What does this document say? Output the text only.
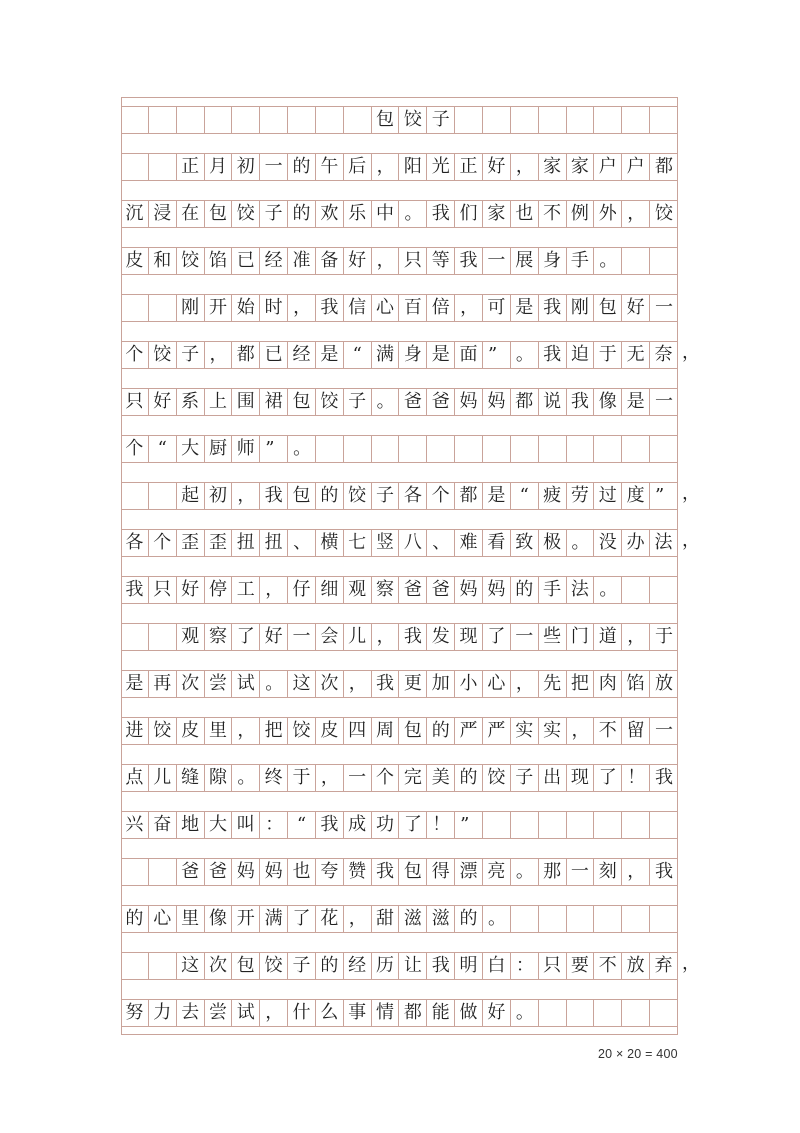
包 饺 子
正 月 初 一 的 午 后 ， 阳 光 正 好 ， 家 家 户 户 都
沉 浸 在 包 饺 子 的 欢 乐 中 。 我 们 家 也 不 例 外 ， 饺
皮 和 饺 馅 已 经 准 备 好 ， 只 等 我 一 展 身 手 。
刚 开 始 时 ， 我 信 心 百 倍 ， 可 是 我 刚 包 好 一
个 饺 子 ， 都 已 经 是 “ 满 身 是 面 ”	。 我 迫 于 无 奈 ，
只 好 系 上 围 裙 包 饺 子 。 爸 爸 妈 妈 都 说 我 像 是 一
个 “ 大 厨 师 ”	。
起 初 ， 我 包 的 饺 子 各 个 都 是 “ 疲 劳 过 度 ” ，
各 个 歪 歪 扭 扭 、 横 七 竖 八 、 难 看 致 极 。 没 办 法 ，
我 只 好 停 工 ， 仔 细 观 察 爸 爸 妈 妈 的 手 法 。
观 察 了 好 一 会 儿 ， 我 发 现 了 一 些 门 道 ， 于
是 再 次 尝 试 。 这 次 ， 我 更 加 小 心 ， 先 把 肉 馅 放
进 饺 皮 里 ， 把 饺 皮 四 周 包 的 严 严 实 实 ， 不 留 一
点 儿 缝 隙 。 终 于 ， 一 个 完 美 的 饺 子 出 现 了 ！ 我
兴 奋 地 大 叫 ： “ 我 成 功 了 ！ ”
爸 爸 妈 妈 也 夸 赞 我 包 得 漂 亮 。 那 一 刻 ， 我
的 心 里 像 开 满 了 花 ， 甜 滋 滋 的 。
这 次 包 饺 子 的 经 历 让 我 明 白 ： 只 要 不 放 弃 ，
努 力 去 尝 试 ， 什 么 事 情 都 能 做 好 。
20 × 20 = 400
